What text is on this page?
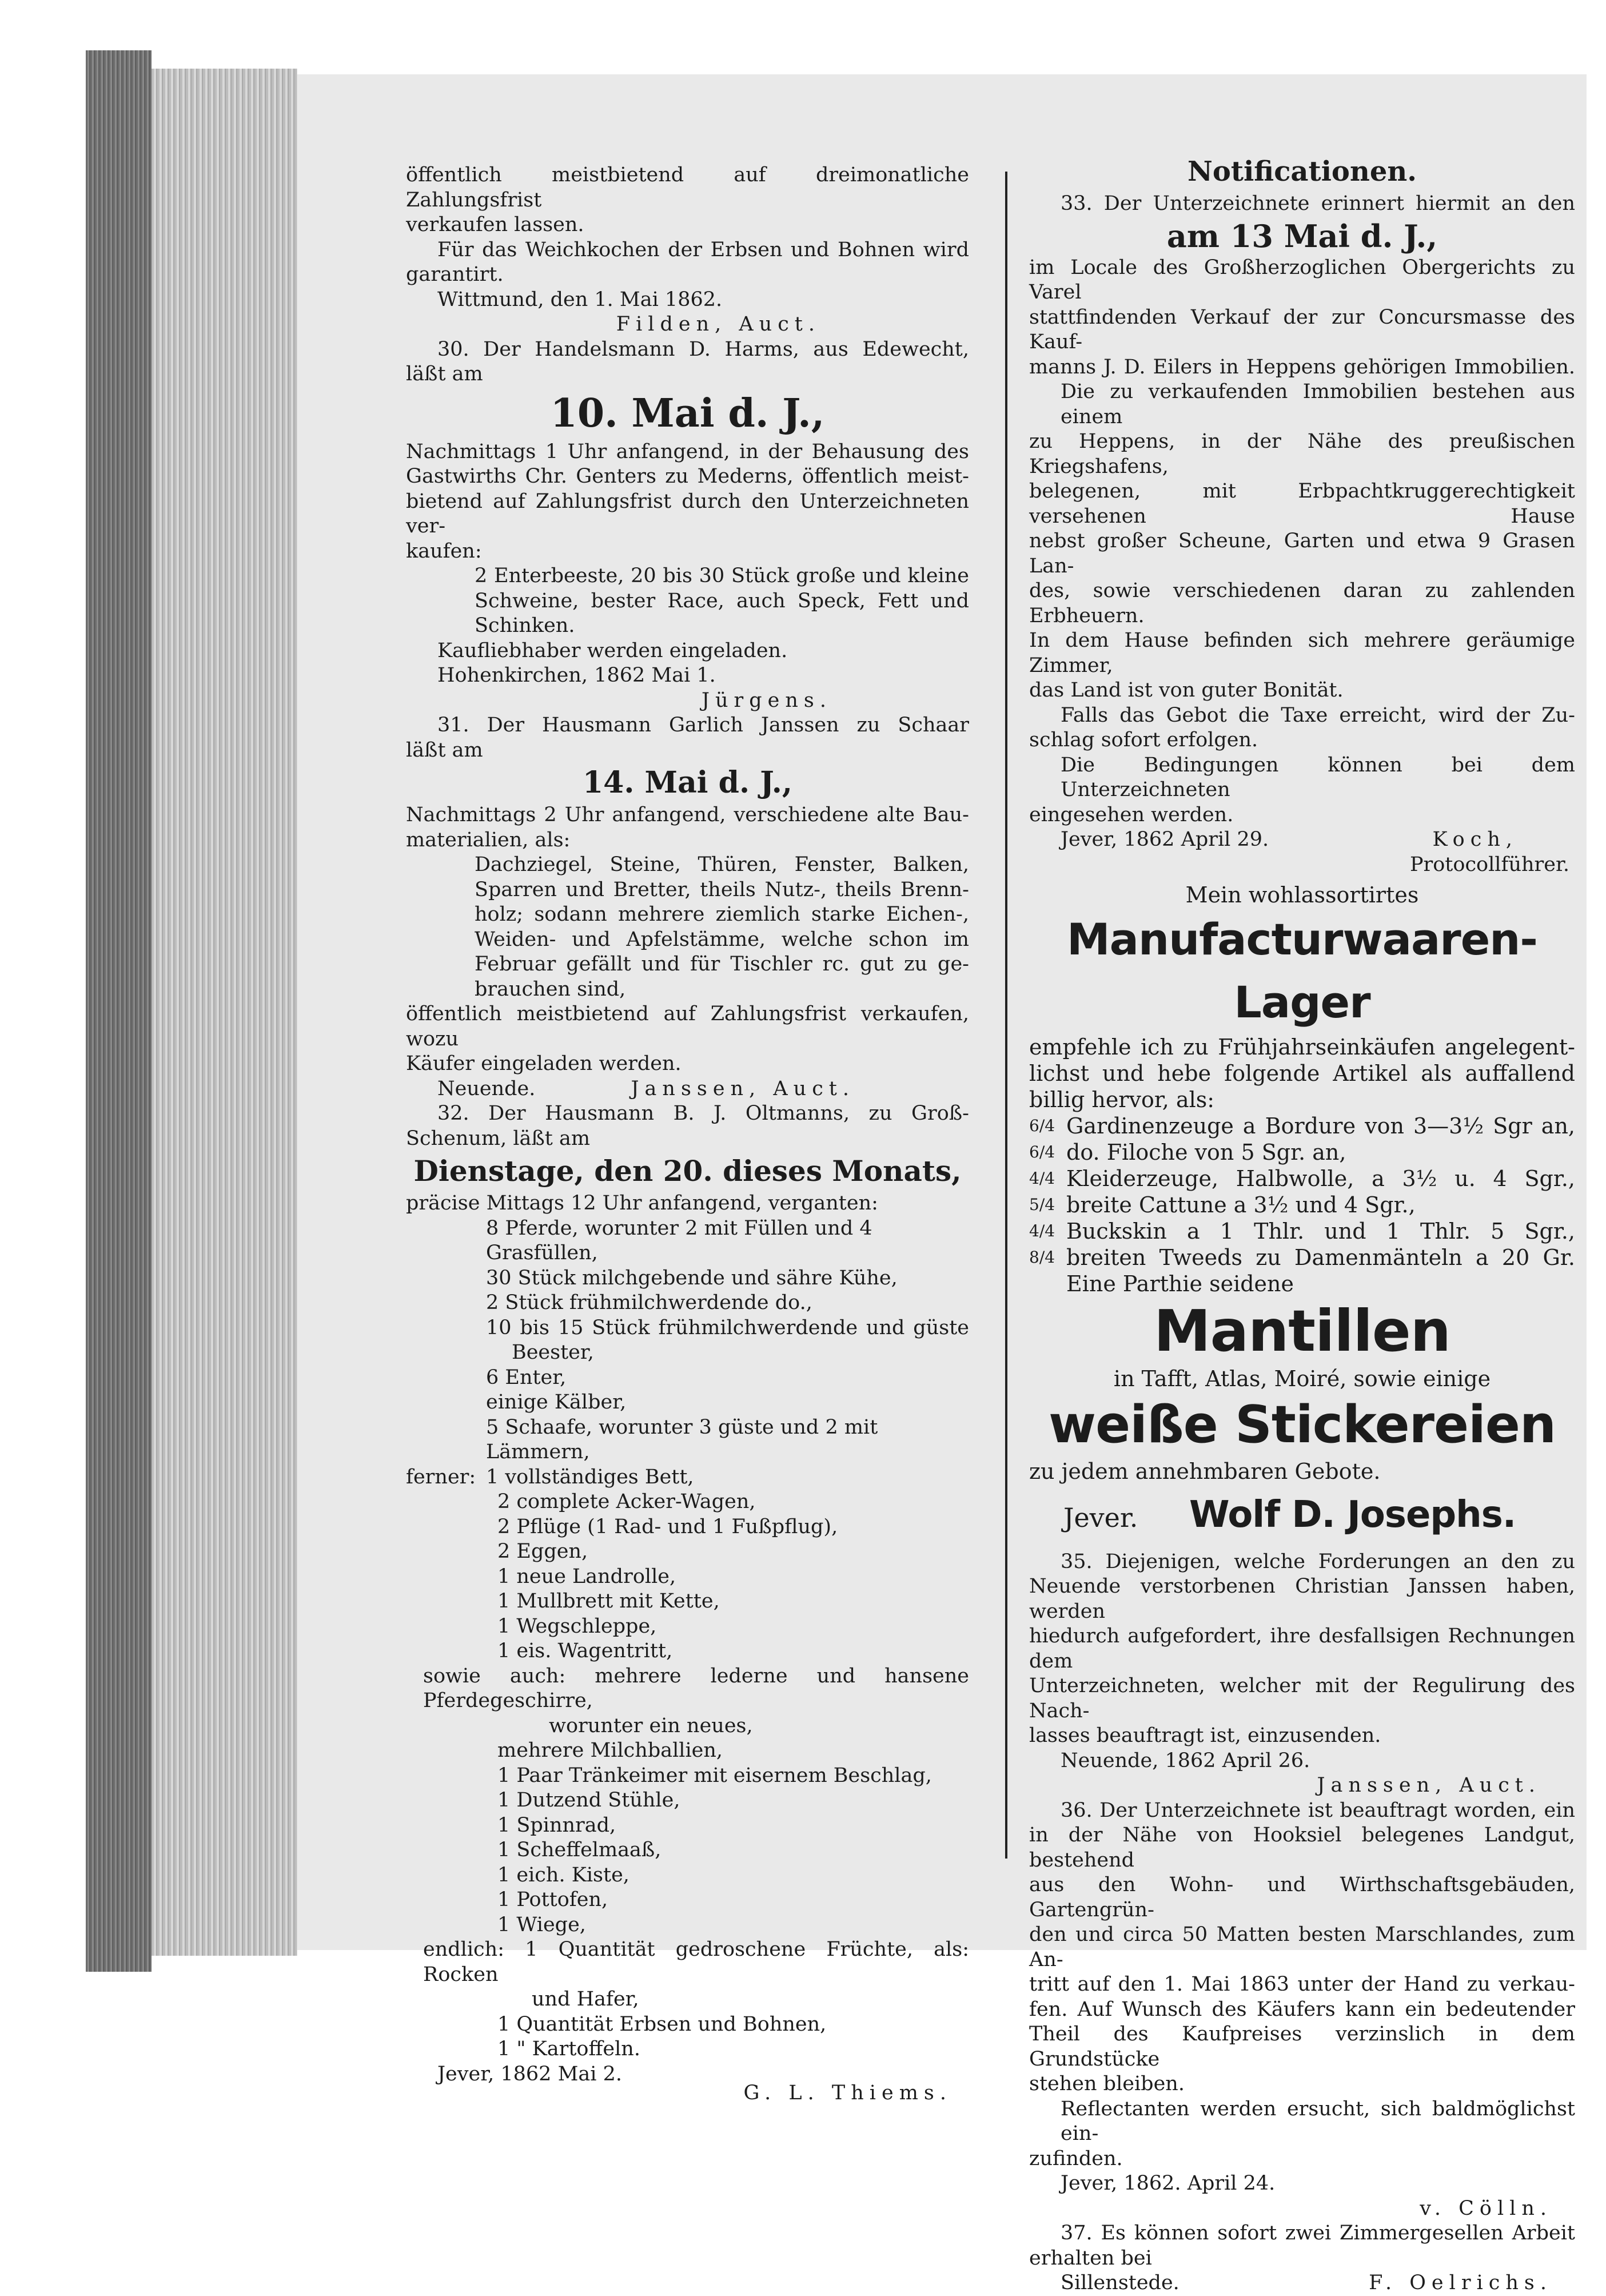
öffentlich meistbietend auf dreimonatliche Zahlungsfrist

verkaufen lassen.

Für das Weichkochen der Erbsen und Bohnen wird

garantirt.

Wittmund, den 1. Mai 1862.

Filden, Auct.

30. Der Handelsmann D. Harms, aus Edewecht,

läßt am

10. Mai d. J.,

Nachmittags 1 Uhr anfangend, in der Behausung des

Gastwirths Chr. Genters zu Mederns, öffentlich meist-

bietend auf Zahlungsfrist durch den Unterzeichneten ver-

kaufen:

2 Enterbeeste, 20 bis 30 Stück große und kleine

Schweine, bester Race, auch Speck, Fett und

Schinken.

Kaufliebhaber werden eingeladen.

Hohenkirchen, 1862 Mai 1.

Jürgens.

31. Der Hausmann Garlich Janssen zu Schaar

läßt am

14. Mai d. J.,

Nachmittags 2 Uhr anfangend, verschiedene alte Bau-

materialien, als:

Dachziegel, Steine, Thüren, Fenster, Balken,

Sparren und Bretter, theils Nutz-, theils Brenn-

holz; sodann mehrere ziemlich starke Eichen-,

Weiden- und Apfelstämme, welche schon im

Februar gefällt und für Tischler rc. gut zu ge-

brauchen sind,

öffentlich meistbietend auf Zahlungsfrist verkaufen, wozu

Käufer eingeladen werden.

Neuende.	Janssen, Auct.

32. Der Hausmann B. J. Oltmanns, zu Groß-

Schenum, läßt am

Dienstage, den 20. dieses Monats,

präcise Mittags 12 Uhr anfangend, verganten:

8 Pferde, worunter 2 mit Füllen und 4 Grasfüllen,

30 Stück milchgebende und sähre Kühe,

2 Stück frühmilchwerdende do.,

10 bis 15 Stück frühmilchwerdende und güste

Beester,

6 Enter,

einige Kälber,

5 Schaafe, worunter 3 güste und 2 mit Lämmern,

ferner: 1 vollständiges Bett,

2 complete Acker-Wagen,

2 Pflüge (1 Rad- und 1 Fußpflug),

2 Eggen,

1 neue Landrolle,

1 Mullbrett mit Kette,

1 Wegschleppe,

1 eis. Wagentritt,

sowie auch: mehrere lederne und hansene Pferdegeschirre,

worunter ein neues,

mehrere Milchballien,

1 Paar Tränkeimer mit eisernem Beschlag,

1 Dutzend Stühle,

1 Spinnrad,

1 Scheffelmaaß,

1 eich. Kiste,

1 Pottofen,

1 Wiege,

endlich: 1 Quantität gedroschene Früchte, als: Rocken

und Hafer,

1 Quantität Erbsen und Bohnen,

1 " Kartoffeln.

Jever, 1862 Mai 2.

G. L. Thiems.

Notificationen.

33. Der Unterzeichnete erinnert hiermit an den

am 13 Mai d. J.,

im Locale des Großherzoglichen Obergerichts zu Varel

stattfindenden Verkauf der zur Concursmasse des Kauf-

manns J. D. Eilers in Heppens gehörigen Immobilien.

Die zu verkaufenden Immobilien bestehen aus einem

zu Heppens, in der Nähe des preußischen Kriegshafens,

belegenen, mit Erbpachtkruggerechtigkeit versehenen Hause

nebst großer Scheune, Garten und etwa 9 Grasen Lan-

des, sowie verschiedenen daran zu zahlenden Erbheuern.

In dem Hause befinden sich mehrere geräumige Zimmer,

das Land ist von guter Bonität.

Falls das Gebot die Taxe erreicht, wird der Zu-

schlag sofort erfolgen.

Die Bedingungen können bei dem Unterzeichneten

eingesehen werden.

Jever, 1862 April 29.	Koch,

Protocollführer.

Mein wohlassortirtes

Manufacturwaaren-Lager

empfehle ich zu Frühjahrseinkäufen angelegent-

lichst und hebe folgende Artikel als auffallend

billig hervor, als:

6/4 Gardinenzeuge a Bordure von 3—3½ Sgr an,
6/4 do. Filoche von 5 Sgr. an,
4/4 Kleiderzeuge, Halbwolle, a 3½ u. 4 Sgr.,
5/4 breite Cattune a 3½ und 4 Sgr.,
4/4 Buckskin a 1 Thlr. und 1 Thlr. 5 Sgr.,
8/4 breiten Tweeds zu Damenmänteln a 20 Gr.

Eine Parthie seidene

Mantillen

in Tafft, Atlas, Moiré, sowie einige

weiße Stickereien

zu jedem annehmbaren Gebote.

Jever.	Wolf D. Josephs.

35. Diejenigen, welche Forderungen an den zu

Neuende verstorbenen Christian Janssen haben, werden

hiedurch aufgefordert, ihre desfallsigen Rechnungen dem

Unterzeichneten, welcher mit der Regulirung des Nach-

lasses beauftragt ist, einzusenden.

Neuende, 1862 April 26.

Janssen, Auct.

36. Der Unterzeichnete ist beauftragt worden, ein

in der Nähe von Hooksiel belegenes Landgut, bestehend

aus den Wohn- und Wirthschaftsgebäuden, Gartengrün-

den und circa 50 Matten besten Marschlandes, zum An-

tritt auf den 1. Mai 1863 unter der Hand zu verkau-

fen. Auf Wunsch des Käufers kann ein bedeutender

Theil des Kaufpreises verzinslich in dem Grundstücke

stehen bleiben.

Reflectanten werden ersucht, sich baldmöglichst ein-

zufinden.

Jever, 1862. April 24.

v. Cölln.

37. Es können sofort zwei Zimmergesellen Arbeit

erhalten bei

Sillenstede.	F. Oelrichs.
